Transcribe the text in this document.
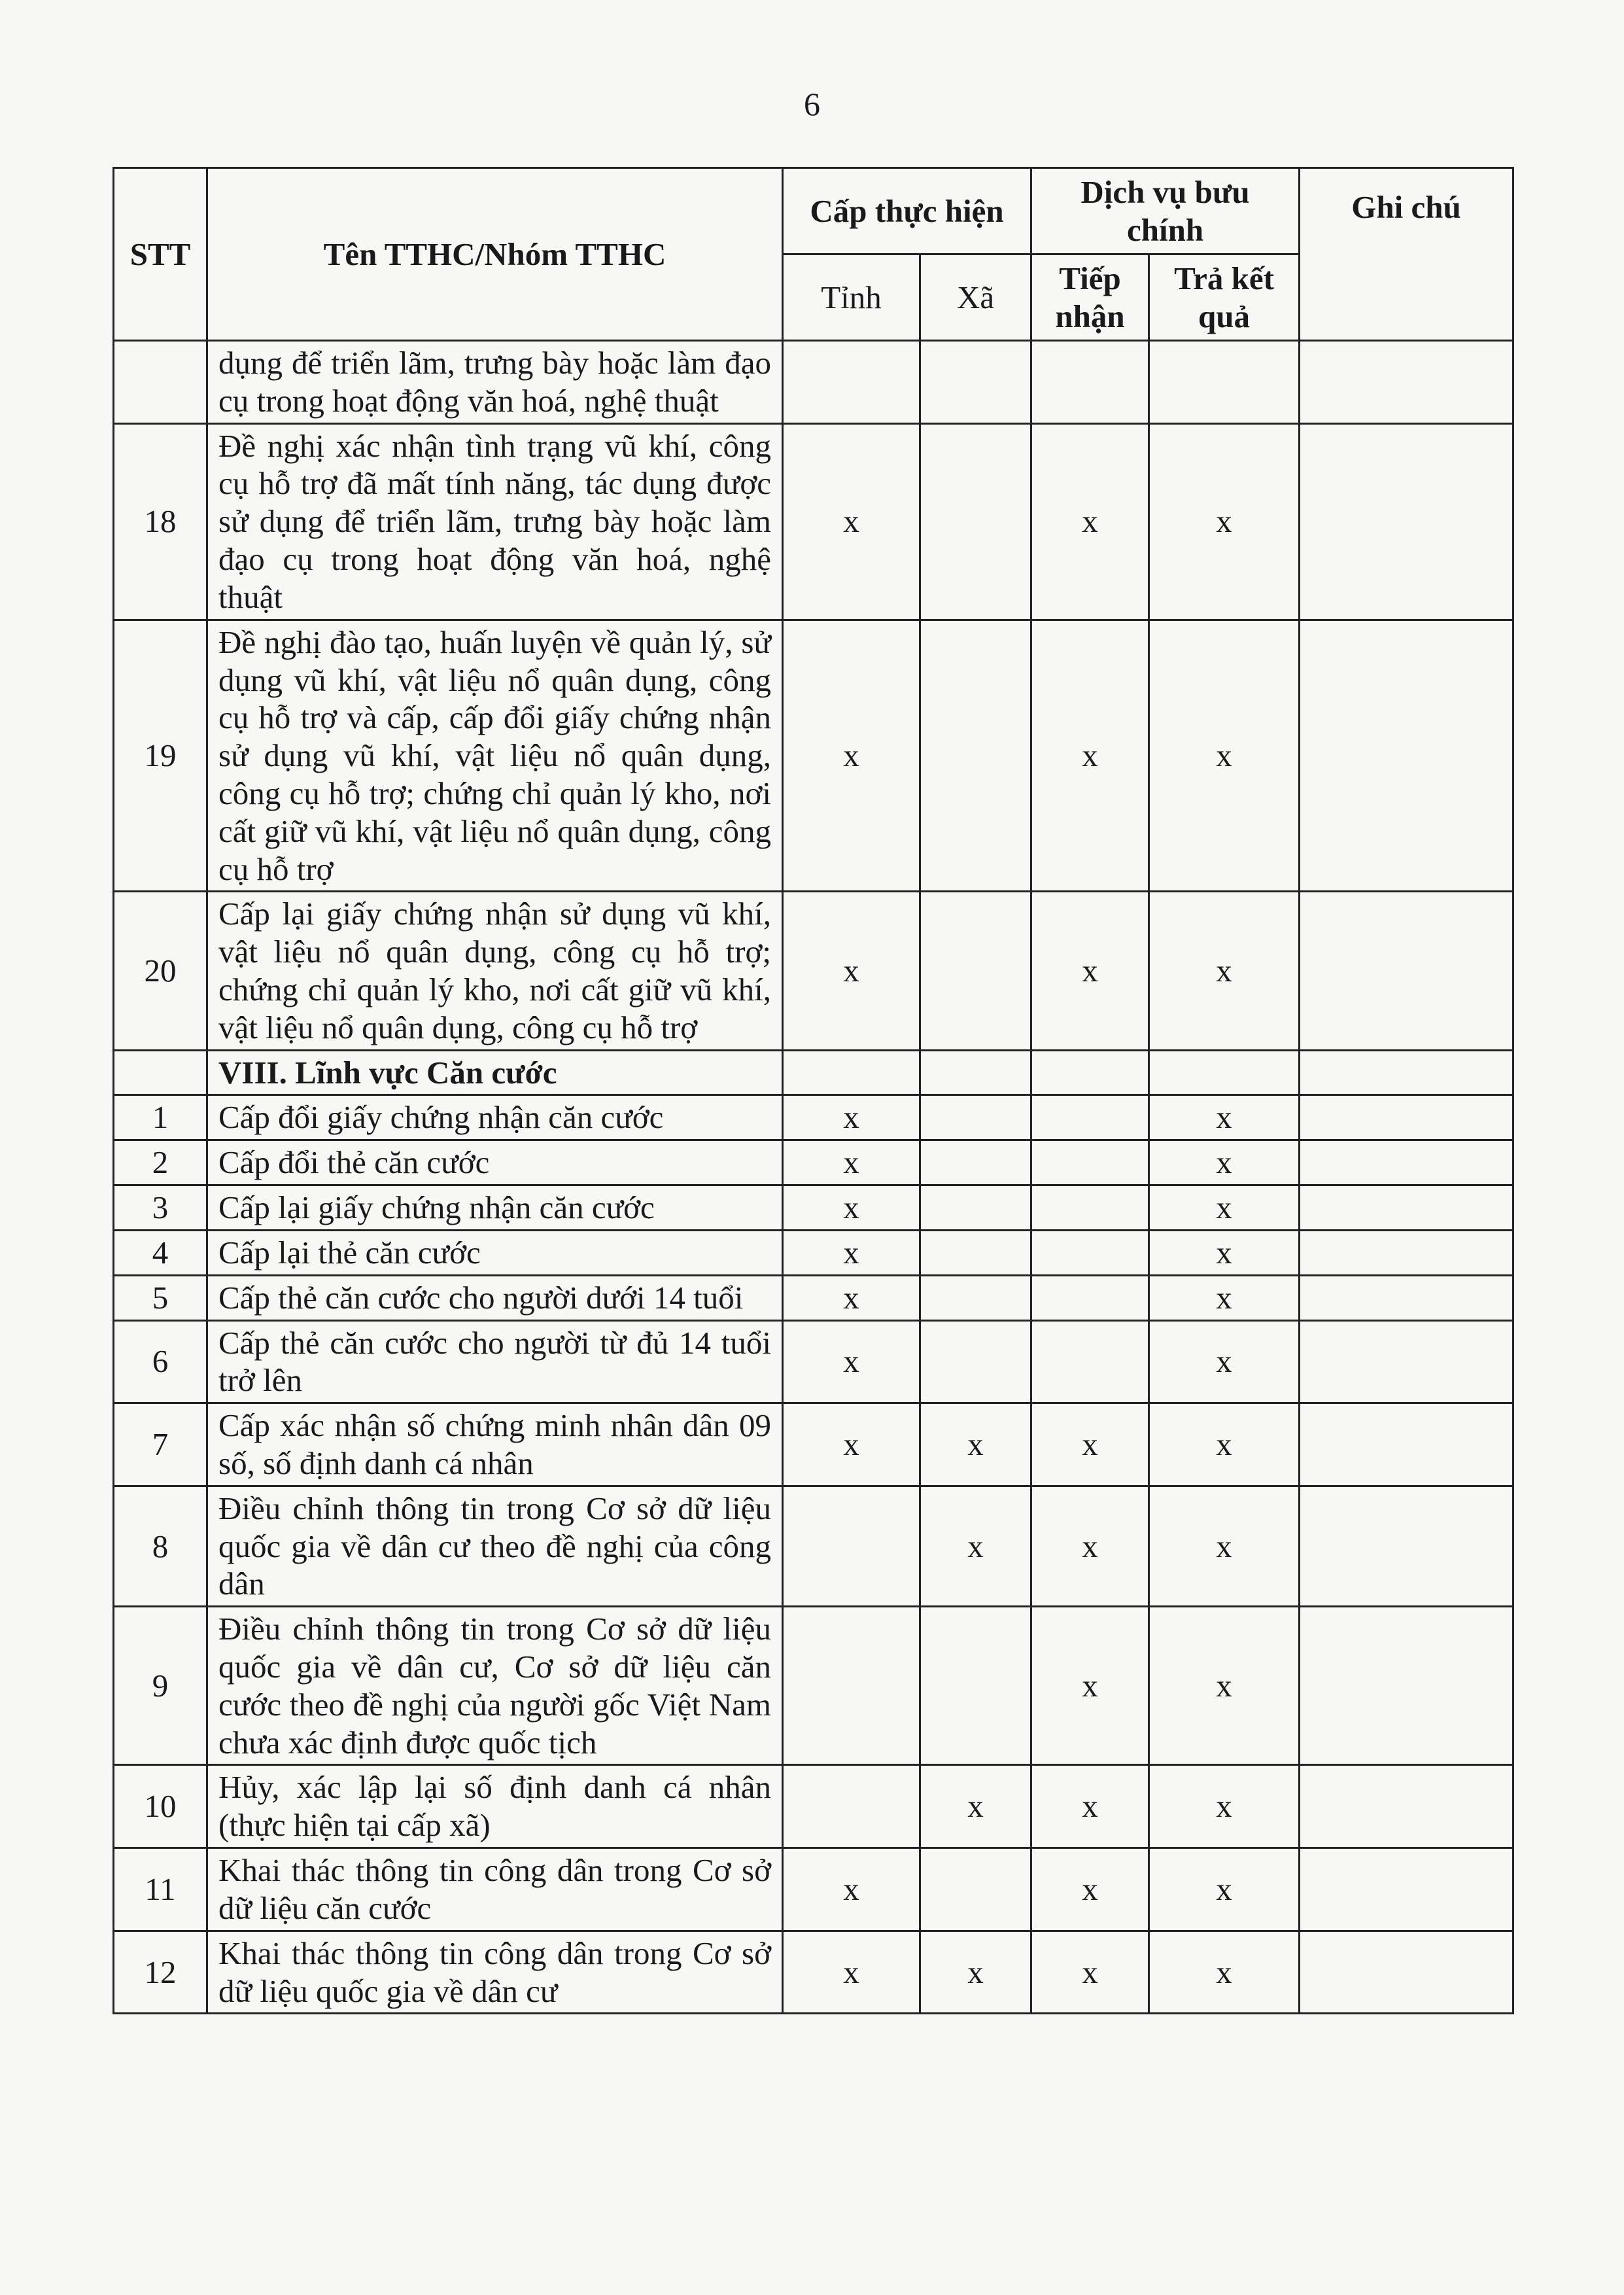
6
STT	Tên TTHC/Nhóm TTHC	Cấp thực hiện		Dịch vụ bưu chính		Ghi chú
		Tỉnh	Xã	Tiếp nhận	Trả kết quả	
	dụng để triển lãm, trưng bày hoặc làm đạo cụ trong hoạt động văn hoá, nghệ thuật					
18	Đề nghị xác nhận tình trạng vũ khí, công cụ hỗ trợ đã mất tính năng, tác dụng được sử dụng để triển lãm, trưng bày hoặc làm đạo cụ trong hoạt động văn hoá, nghệ thuật	x		x	x	
19	Đề nghị đào tạo, huấn luyện về quản lý, sử dụng vũ khí, vật liệu nổ quân dụng, công cụ hỗ trợ và cấp, cấp đổi giấy chứng nhận sử dụng vũ khí, vật liệu nổ quân dụng, công cụ hỗ trợ; chứng chỉ quản lý kho, nơi cất giữ vũ khí, vật liệu nổ quân dụng, công cụ hỗ trợ	x		x	x	
20	Cấp lại giấy chứng nhận sử dụng vũ khí, vật liệu nổ quân dụng, công cụ hỗ trợ; chứng chỉ quản lý kho, nơi cất giữ vũ khí, vật liệu nổ quân dụng, công cụ hỗ trợ	x		x	x	
	VIII. Lĩnh vực Căn cước					
1	Cấp đổi giấy chứng nhận căn cước	x			x	
2	Cấp đổi thẻ căn cước	x			x	
3	Cấp lại giấy chứng nhận căn cước	x			x	
4	Cấp lại thẻ căn cước	x			x	
5	Cấp thẻ căn cước cho người dưới 14 tuổi	x			x	
6	Cấp thẻ căn cước cho người từ đủ 14 tuổi trở lên	x			x	
7	Cấp xác nhận số chứng minh nhân dân 09 số, số định danh cá nhân	x	x	x	x	
8	Điều chỉnh thông tin trong Cơ sở dữ liệu quốc gia về dân cư theo đề nghị của công dân		x	x	x	
9	Điều chỉnh thông tin trong Cơ sở dữ liệu quốc gia về dân cư, Cơ sở dữ liệu căn cước theo đề nghị của người gốc Việt Nam chưa xác định được quốc tịch			x	x	
10	Hủy, xác lập lại số định danh cá nhân (thực hiện tại cấp xã)		x	x	x	
11	Khai thác thông tin công dân trong Cơ sở dữ liệu căn cước	x		x	x	
12	Khai thác thông tin công dân trong Cơ sở dữ liệu quốc gia về dân cư	x	x	x	x	
